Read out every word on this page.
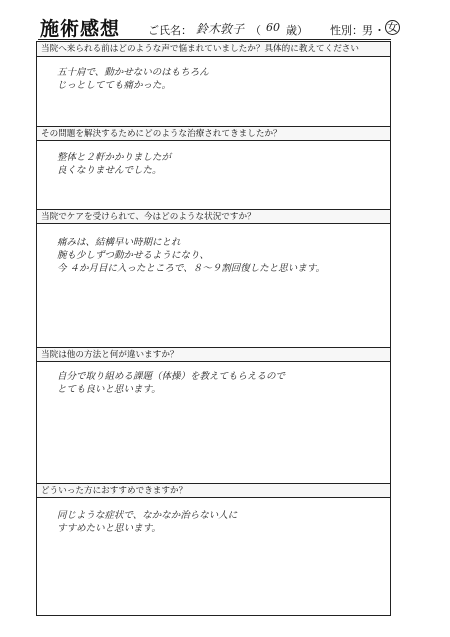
施術感想	ご氏名： 鈴木敦子 （ 60 歳） 性別： 男 ・ 女
当院へ来られる前はどのような声で悩まれていましたか？具体的に教えてください
五十肩で、動かせないのはもちろん
じっとしてても痛かった。
その問題を解決するためにどのような治療されてきましたか？
整体と２軒かかりましたが
良くなりませんでした。
当院でケアを受けられて、今はどのような状況ですか？
痛みは、結構早い時期にとれ
腕も少しずつ動かせるようになり、
今 ４か月目に入ったところで、８～９割回復したと思います。
当院は他の方法と何が違いますか？
自分で取り組める課題（体操）を教えてもらえるので
とても良いと思います。
どういった方におすすめできますか？
同じような症状で、なかなか治らない人に
すすめたいと思います。
